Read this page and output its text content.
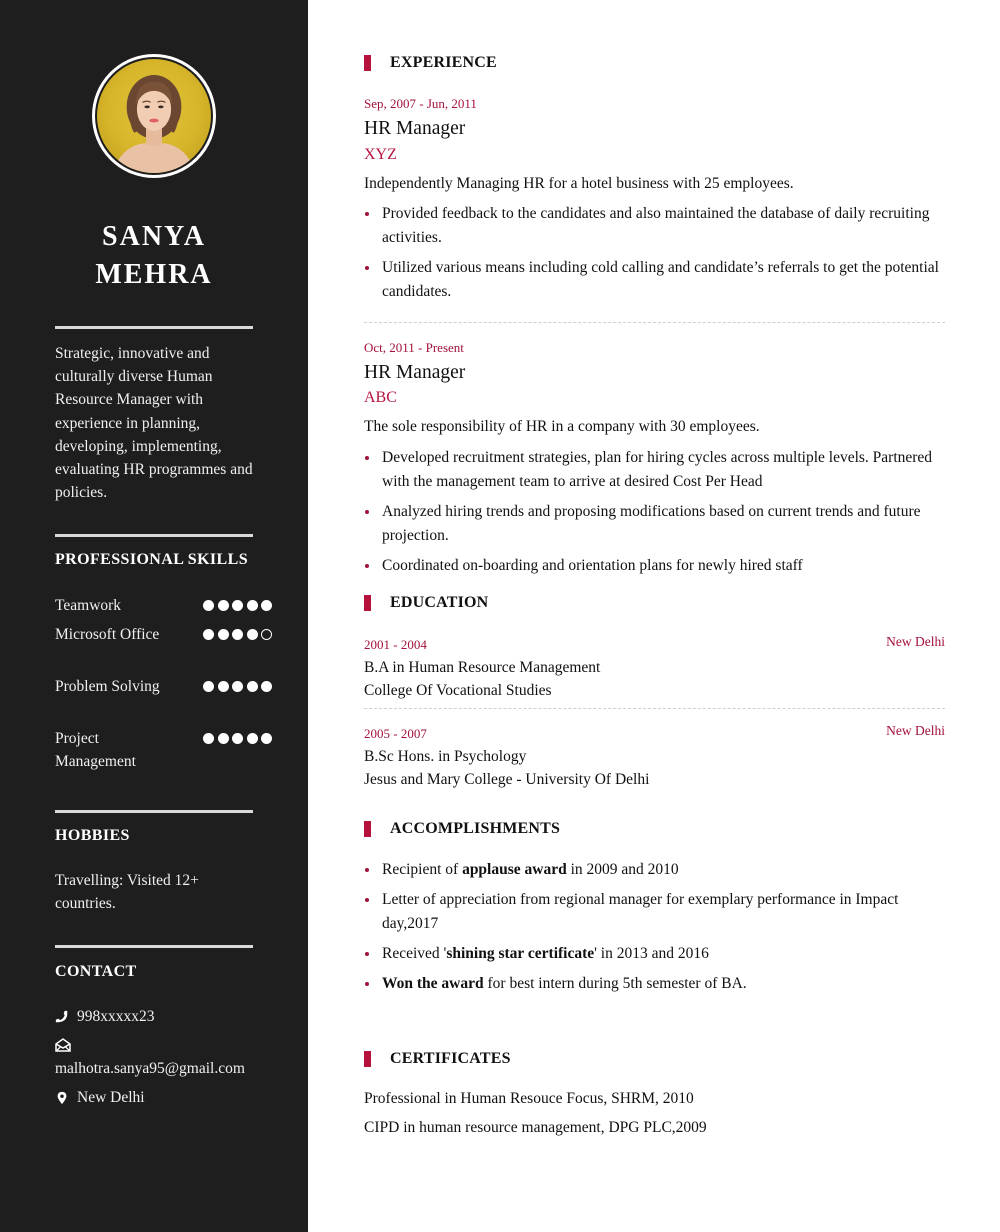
SANYA
MEHRA

Strategic, innovative and culturally diverse Human Resource Manager with experience in planning, developing, implementing, evaluating HR programmes and policies.

PROFESSIONAL SKILLS
Teamwork
Microsoft Office
Problem Solving
Project Management
HOBBIES

Travelling: Visited 12+ countries.

CONTACT
998xxxxx23
malhotra.sanya95@gmail.com
New Delhi
EXPERIENCE
Sep, 2007 - Jun, 2011
HR Manager
XYZ
Independently Managing HR for a hotel business with 25 employees.
Provided feedback to the candidates and also maintained the database of daily recruiting activities.
Utilized various means including cold calling and candidate’s referrals to get the potential candidates.
Oct, 2011 - Present
HR Manager
ABC
The sole responsibility of HR in a company with 30 employees.
Developed recruitment strategies, plan for hiring cycles across multiple levels. Partnered with the management team to arrive at desired Cost Per Head
Analyzed hiring trends and proposing modifications based on current trends and future projection.
Coordinated on-boarding and orientation plans for newly hired staff
EDUCATION
2001 - 2004	New Delhi
B.A in Human Resource Management
College Of Vocational Studies
2005 - 2007	New Delhi
B.Sc Hons. in Psychology
Jesus and Mary College - University Of Delhi
ACCOMPLISHMENTS
Recipient of applause award in 2009 and 2010
Letter of appreciation from regional manager for exemplary performance in Impact day,2017
Received 'shining star certificate' in 2013 and 2016
Won the award for best intern during 5th semester of BA.
CERTIFICATES
Professional in Human Resouce Focus, SHRM, 2010
CIPD in human resource management, DPG PLC,2009
